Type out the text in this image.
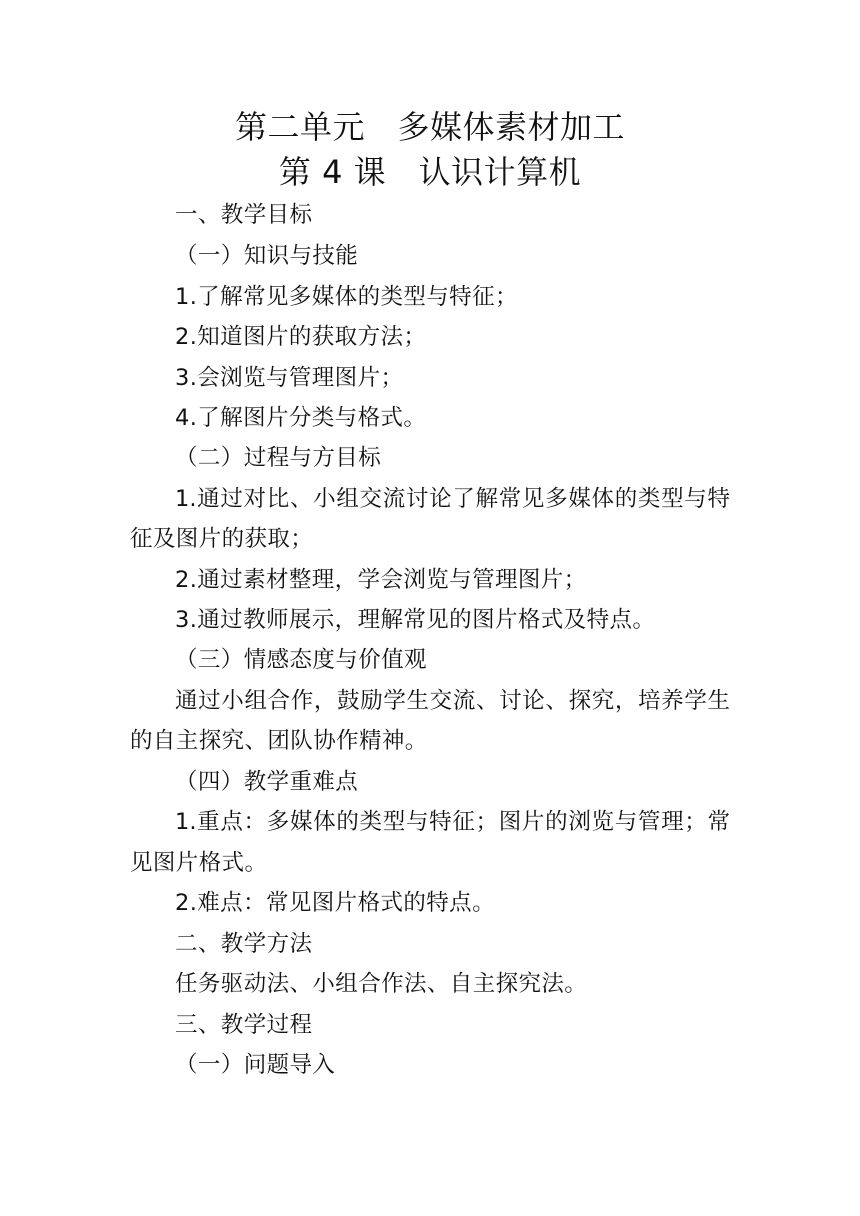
第二单元　多媒体素材加工
第 4 课　认识计算机
一、教学目标
（一）知识与技能
1.了解常见多媒体的类型与特征；
2.知道图片的获取方法；
3.会浏览与管理图片；
4.了解图片分类与格式。
（二）过程与方目标
1.通过对比、小组交流讨论了解常见多媒体的类型与特
征及图片的获取；
2.通过素材整理，学会浏览与管理图片；
3.通过教师展示，理解常见的图片格式及特点。
（三）情感态度与价值观
通过小组合作，鼓励学生交流、讨论、探究，培养学生
的自主探究、团队协作精神。
（四）教学重难点
1.重点：多媒体的类型与特征；图片的浏览与管理；常
见图片格式。
2.难点：常见图片格式的特点。
二、教学方法
任务驱动法、小组合作法、自主探究法。
三、教学过程
（一）问题导入
